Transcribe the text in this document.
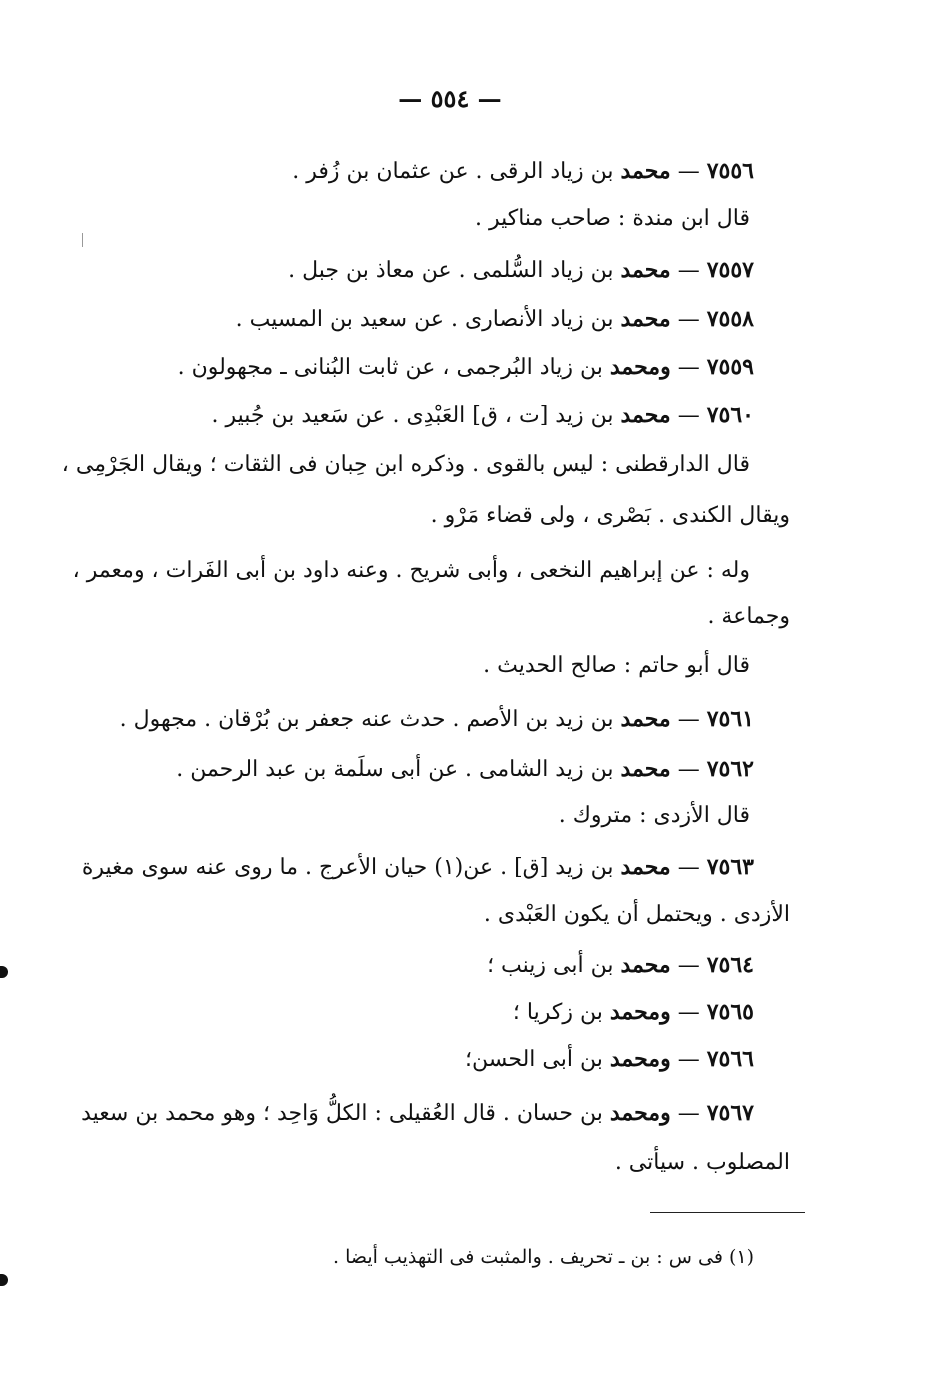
— ٥٥٤ —
٧٥٥٦ — محمد بن زياد الرقى . عن عثمان بن زُفر .
قال ابن مندة : صاحب مناكير .
٧٥٥٧ — محمد بن زياد السُّلمى . عن معاذ بن جبل .
٧٥٥٨ — محمد بن زياد الأنصارى . عن سعيد بن المسيب .
٧٥٥٩ — ومحمد بن زياد البُرجمى ، عن ثابت البُنانى ـ مجهولون .
٧٥٦٠ — محمد بن زيد [ت ، ق] العَبْدِى . عن سَعيد بن جُبير .
قال الدارقطنى : ليس بالقوى . وذكره ابن حِبان فى الثقات ؛ ويقال الجَرْمِى ،
ويقال الكندى . بَصْرى ، ولى قضاء مَرْو .
وله : عن إبراهيم النخعى ، وأبى شريح . وعنه داود بن أبى الفَرات ، ومعمر ،
وجماعة .
قال أبو حاتم : صالح الحديث .
٧٥٦١ — محمد بن زيد بن الأصم . حدث عنه جعفر بن بُرْقان . مجهول .
٧٥٦٢ — محمد بن زيد الشامى . عن أبى سلَمة بن عبد الرحمن .
قال الأزدى : متروك .
٧٥٦٣ — محمد بن زيد [ق] . عن(١) حيان الأعرج . ما روى عنه سوى مغيرة
الأزدى . ويحتمل أن يكون العَبْدى .
٧٥٦٤ — محمد بن أبى زينب ؛
٧٥٦٥ — ومحمد بن زكريا ؛
٧٥٦٦ — ومحمد بن أبى الحسن؛
٧٥٦٧ — ومحمد بن حسان . قال العُقيلى : الكلُّ وَاحِد ؛ وهو محمد بن سعيد
المصلوب . سيأتى .
(١) فى س : بن ـ تحريف . والمثبت فى التهذيب أيضا .
